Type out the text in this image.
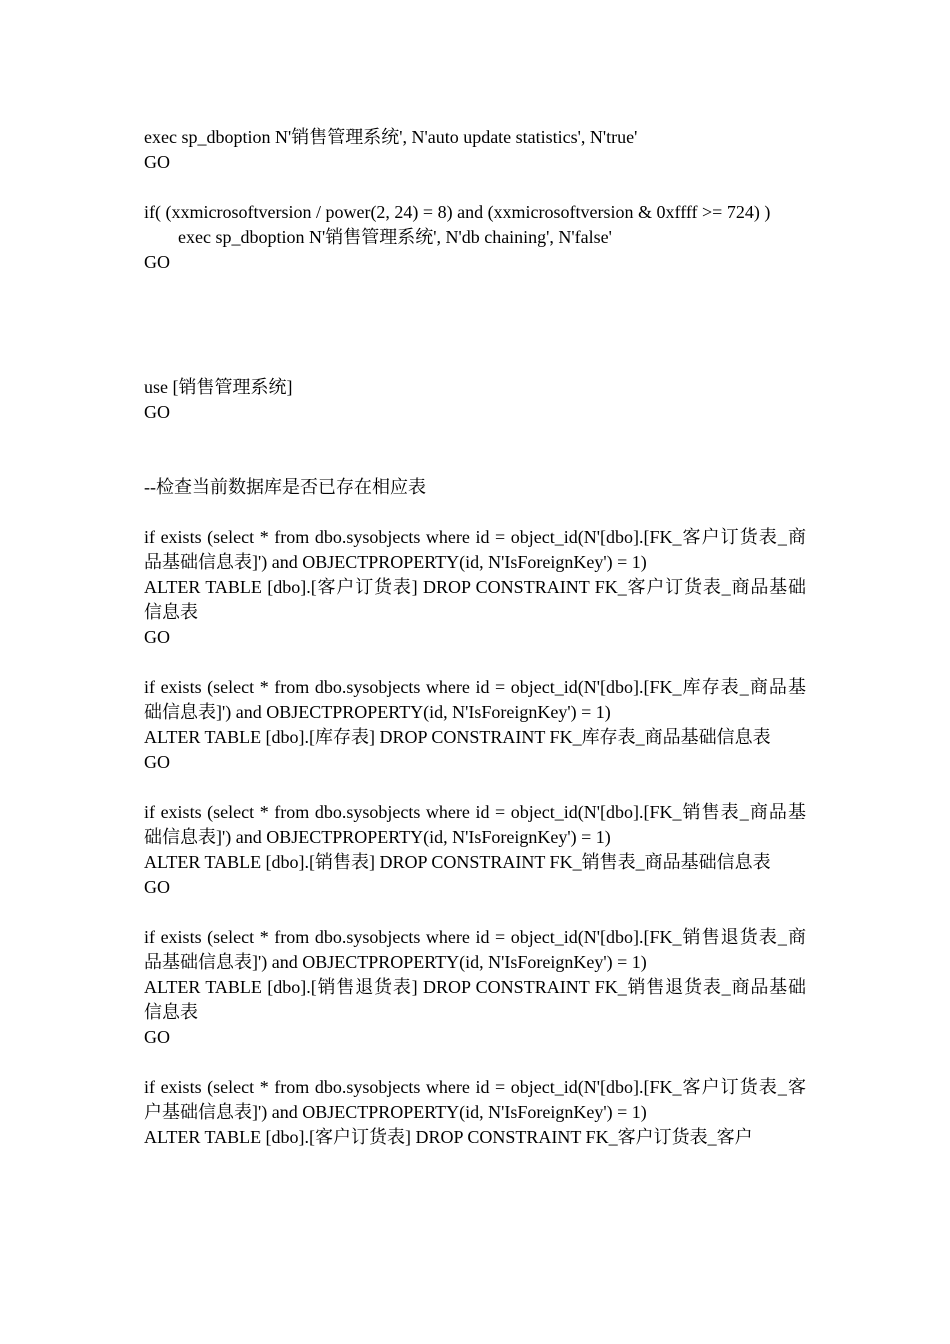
exec sp_dboption N'销售管理系统', N'auto update statistics', N'true'
GO
if( (xxmicrosoftversion / power(2, 24) = 8) and (xxmicrosoftversion & 0xffff >= 724) )
exec sp_dboption N'销售管理系统', N'db chaining', N'false'
GO
use [销售管理系统]
GO
--检查当前数据库是否已存在相应表
if exists (select * from dbo.sysobjects where id = object_id(N'[dbo].[FK_客户订货表_商品基础信息表]') and OBJECTPROPERTY(id, N'IsForeignKey') = 1)
ALTER TABLE [dbo].[客户订货表] DROP CONSTRAINT FK_客户订货表_商品基础信息表
GO
if exists (select * from dbo.sysobjects where id = object_id(N'[dbo].[FK_库存表_商品基础信息表]') and OBJECTPROPERTY(id, N'IsForeignKey') = 1)
ALTER TABLE [dbo].[库存表] DROP CONSTRAINT FK_库存表_商品基础信息表
GO
if exists (select * from dbo.sysobjects where id = object_id(N'[dbo].[FK_销售表_商品基础信息表]') and OBJECTPROPERTY(id, N'IsForeignKey') = 1)
ALTER TABLE [dbo].[销售表] DROP CONSTRAINT FK_销售表_商品基础信息表
GO
if exists (select * from dbo.sysobjects where id = object_id(N'[dbo].[FK_销售退货表_商品基础信息表]') and OBJECTPROPERTY(id, N'IsForeignKey') = 1)
ALTER TABLE [dbo].[销售退货表] DROP CONSTRAINT FK_销售退货表_商品基础信息表
GO
if exists (select * from dbo.sysobjects where id = object_id(N'[dbo].[FK_客户订货表_客户基础信息表]') and OBJECTPROPERTY(id, N'IsForeignKey') = 1)
ALTER TABLE [dbo].[客户订货表] DROP CONSTRAINT FK_客户订货表_客户
